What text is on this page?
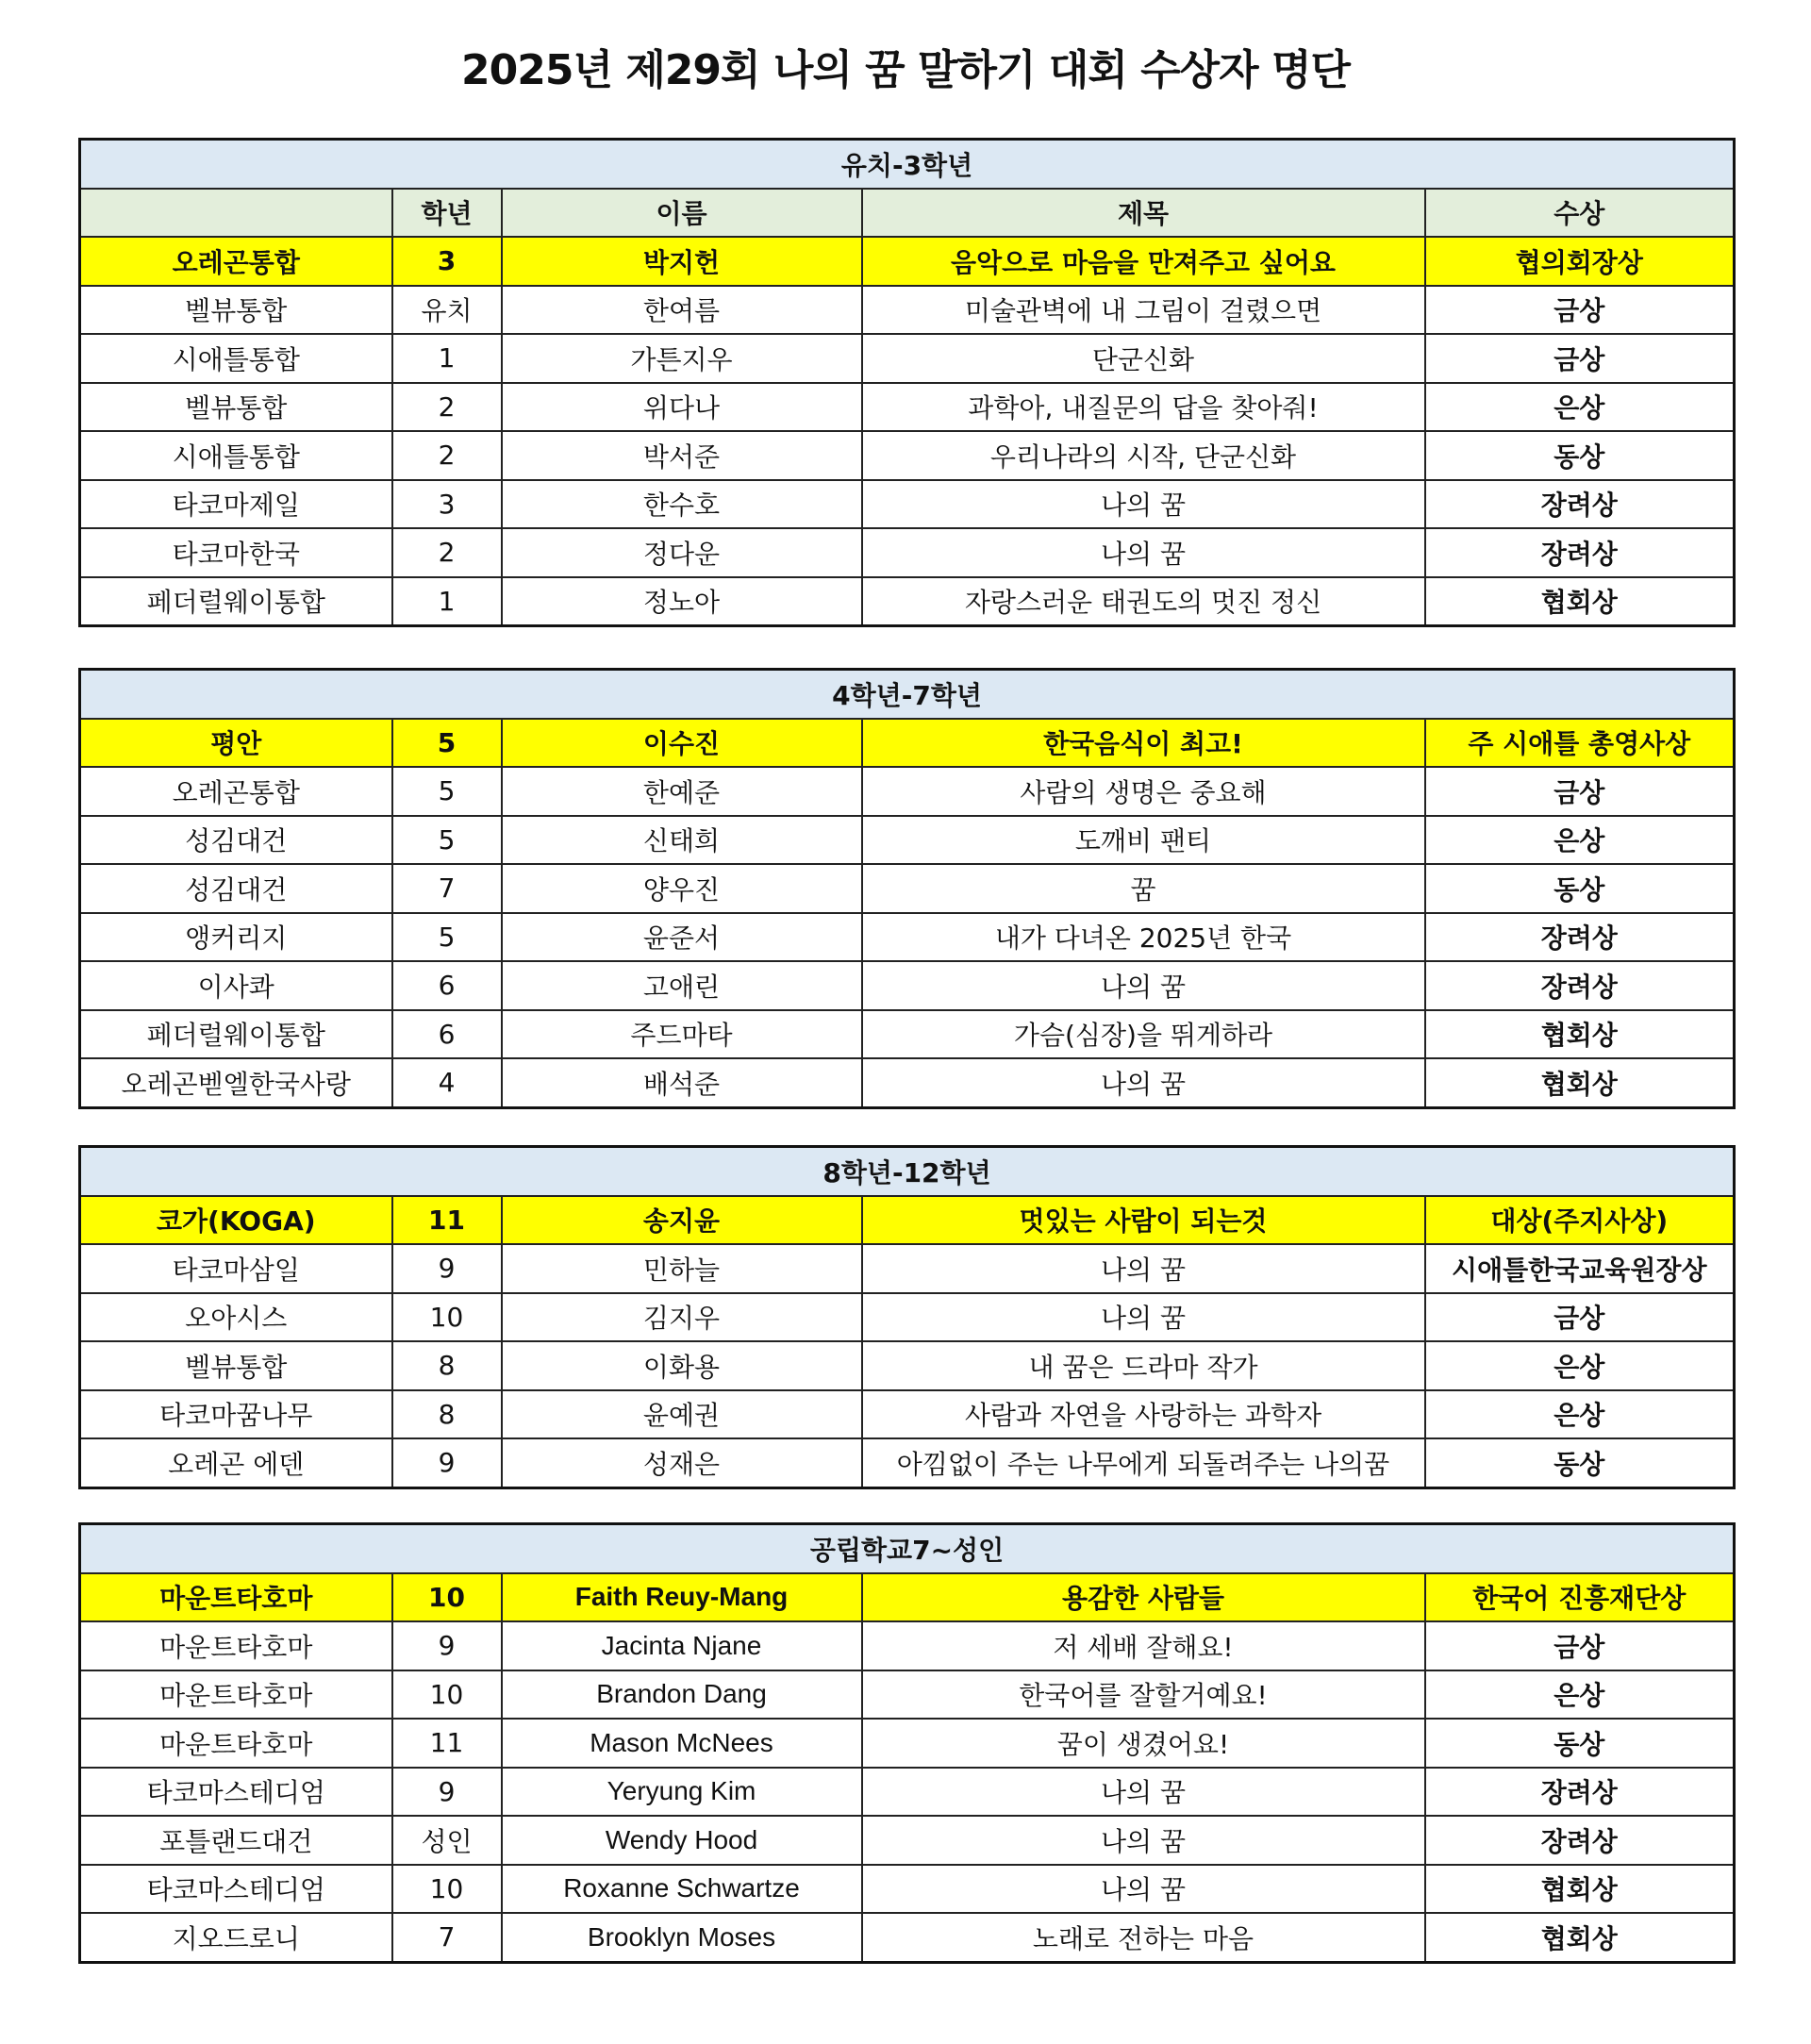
2025년 제29회 나의 꿈 말하기 대회 수상자 명단
유치-3학년				
	학년	이름	제목	수상
오레곤통합	3	박지헌	음악으로 마음을 만져주고 싶어요	협의회장상
벨뷰통합	유치	한여름	미술관벽에 내 그림이 걸렸으면	금상
시애틀통합	1	가튼지우	단군신화	금상
벨뷰통합	2	위다나	과학아, 내질문의 답을 찾아줘!	은상
시애틀통합	2	박서준	우리나라의 시작, 단군신화	동상
타코마제일	3	한수호	나의 꿈	장려상
타코마한국	2	정다운	나의 꿈	장려상
페더럴웨이통합	1	정노아	자랑스러운 태권도의 멋진 정신	협회상
4학년-7학년				
평안	5	이수진	한국음식이 최고!	주 시애틀 총영사상
오레곤통합	5	한예준	사람의 생명은 중요해	금상
성김대건	5	신태희	도깨비 팬티	은상
성김대건	7	양우진	꿈	동상
앵커리지	5	윤준서	내가 다녀온 2025년 한국	장려상
이사콰	6	고애린	나의 꿈	장려상
페더럴웨이통합	6	주드마타	가슴(심장)을 뛰게하라	협회상
오레곤벧엘한국사랑	4	배석준	나의 꿈	협회상
8학년-12학년				
코가(KOGA)	11	송지윤	멋있는 사람이 되는것	대상(주지사상)
타코마삼일	9	민하늘	나의 꿈	시애틀한국교육원장상
오아시스	10	김지우	나의 꿈	금상
벨뷰통합	8	이화용	내 꿈은 드라마 작가	은상
타코마꿈나무	8	윤예권	사람과 자연을 사랑하는 과학자	은상
오레곤 에덴	9	성재은	아낌없이 주는 나무에게 되돌려주는 나의꿈	동상
공립학교7~성인				
마운트타호마	10	Faith Reuy-Mang	용감한 사람들	한국어 진흥재단상
마운트타호마	9	Jacinta Njane	저 세배 잘해요!	금상
마운트타호마	10	Brandon Dang	한국어를 잘할거예요!	은상
마운트타호마	11	Mason McNees	꿈이 생겼어요!	동상
타코마스테디엄	9	Yeryung Kim	나의 꿈	장려상
포틀랜드대건	성인	Wendy Hood	나의 꿈	장려상
타코마스테디엄	10	Roxanne Schwartze	나의 꿈	협회상
지오드로니	7	Brooklyn Moses	노래로 전하는 마음	협회상
